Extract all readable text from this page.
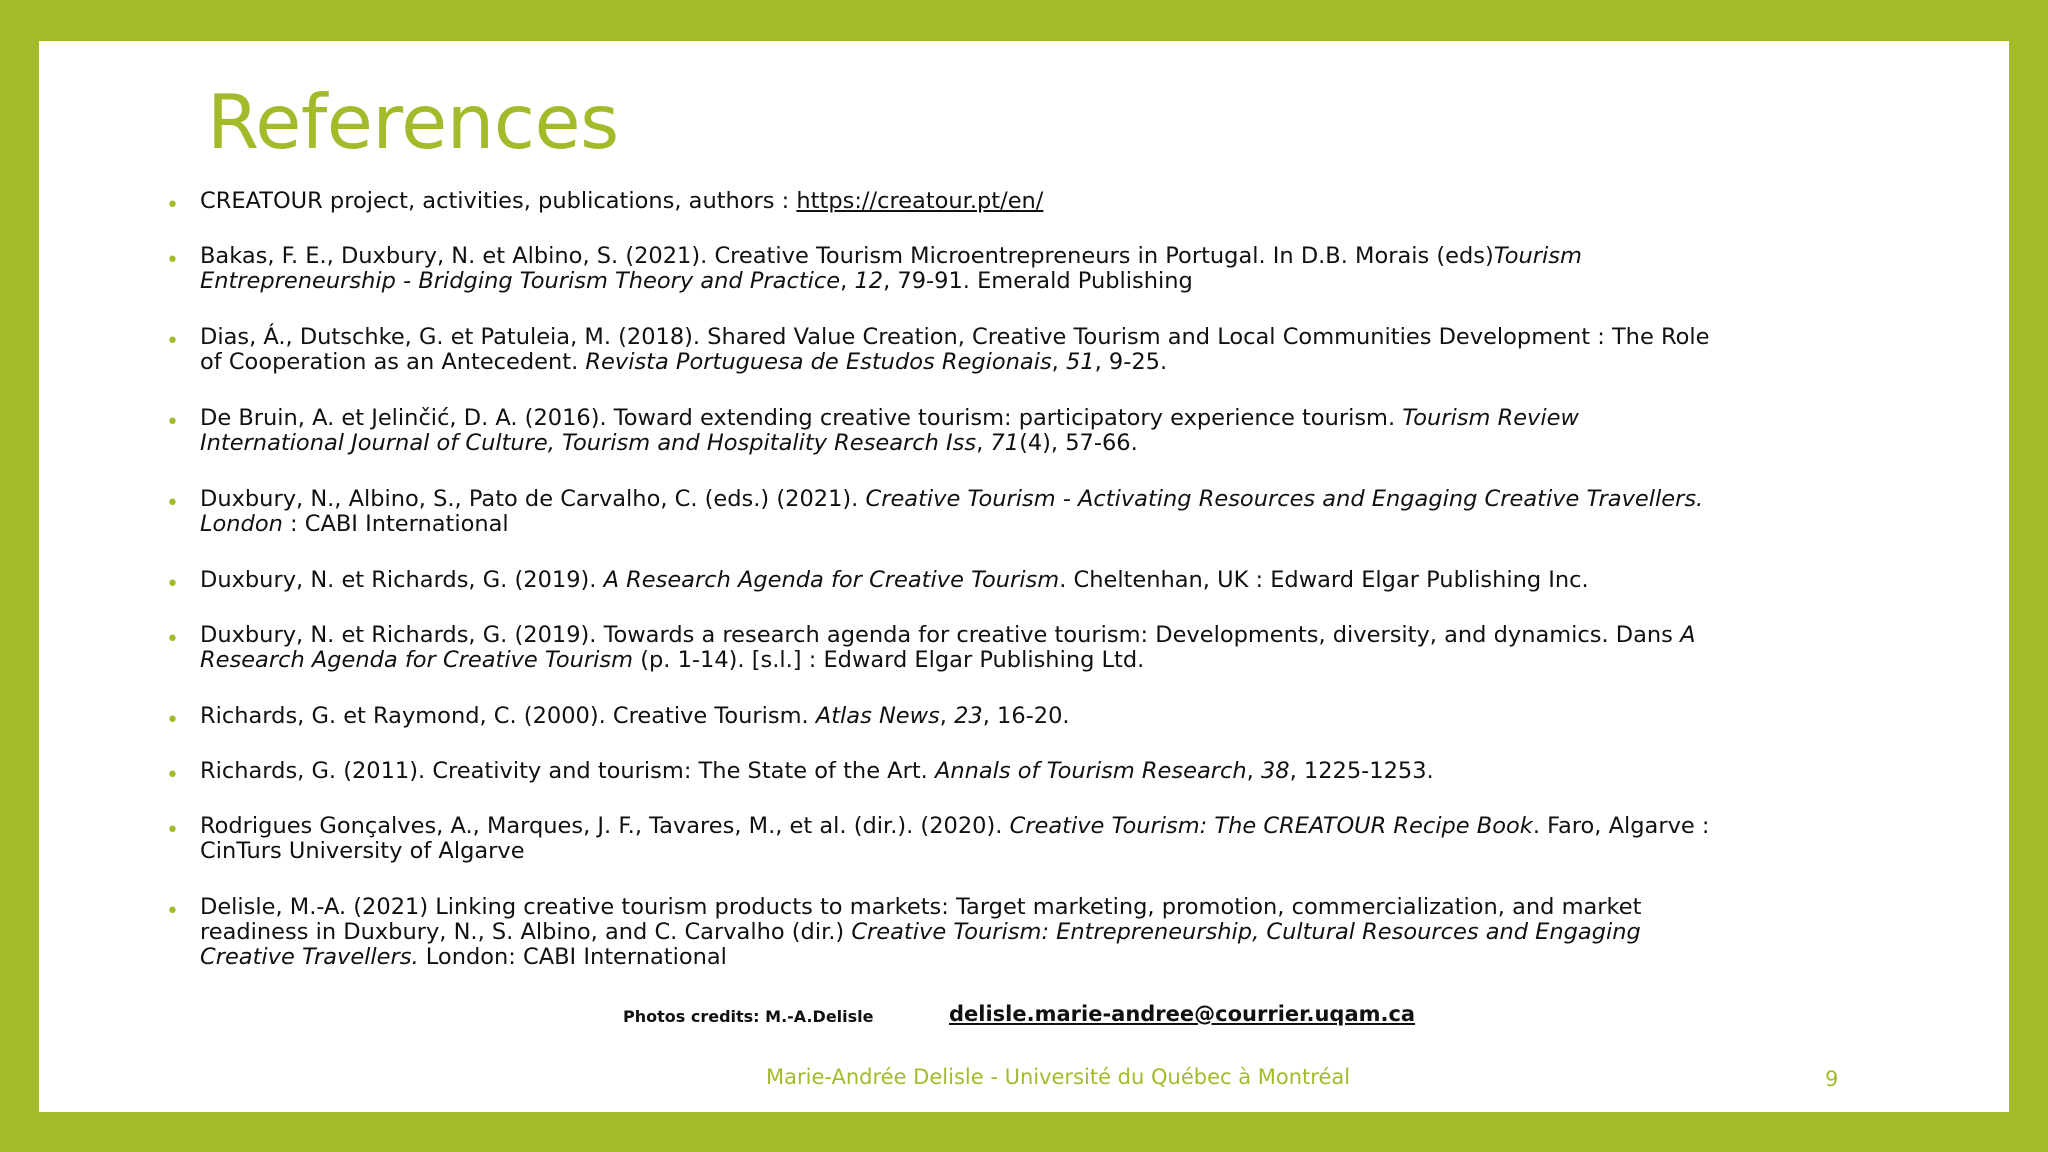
References
• CREATOUR project, activities, publications, authors : https://creatour.pt/en/
• Bakas, F. E., Duxbury, N. et Albino, S. (2021). Creative Tourism Microentrepreneurs in Portugal. In D.B. Morais (eds)Tourism
Entrepreneurship - Bridging Tourism Theory and Practice, 12, 79-91. Emerald Publishing
• Dias, Á., Dutschke, G. et Patuleia, M. (2018). Shared Value Creation, Creative Tourism and Local Communities Development : The Role
of Cooperation as an Antecedent. Revista Portuguesa de Estudos Regionais, 51, 9-25.
• De Bruin, A. et Jelinčić, D. A. (2016). Toward extending creative tourism: participatory experience tourism. Tourism Review
International Journal of Culture, Tourism and Hospitality Research Iss, 71(4), 57-66.
• Duxbury, N., Albino, S., Pato de Carvalho, C. (eds.) (2021). Creative Tourism - Activating Resources and Engaging Creative Travellers.
London : CABI International
• Duxbury, N. et Richards, G. (2019). A Research Agenda for Creative Tourism. Cheltenhan, UK : Edward Elgar Publishing Inc.
• Duxbury, N. et Richards, G. (2019). Towards a research agenda for creative tourism: Developments, diversity, and dynamics. Dans A
Research Agenda for Creative Tourism (p. 1-14). [s.l.] : Edward Elgar Publishing Ltd.
• Richards, G. et Raymond, C. (2000). Creative Tourism. Atlas News, 23, 16-20.
• Richards, G. (2011). Creativity and tourism: The State of the Art. Annals of Tourism Research, 38, 1225-1253.
• Rodrigues Gonçalves, A., Marques, J. F., Tavares, M., et al. (dir.). (2020). Creative Tourism: The CREATOUR Recipe Book. Faro, Algarve :
CinTurs University of Algarve
• Delisle, M.-A. (2021) Linking creative tourism products to markets: Target marketing, promotion, commercialization, and market
readiness in Duxbury, N., S. Albino, and C. Carvalho (dir.) Creative Tourism: Entrepreneurship, Cultural Resources and Engaging
Creative Travellers. London: CABI International
Photos credits: M.-A.Delisle	delisle.marie-andree@courrier.uqam.ca
Marie-Andrée Delisle - Université du Québec à Montréal	9
